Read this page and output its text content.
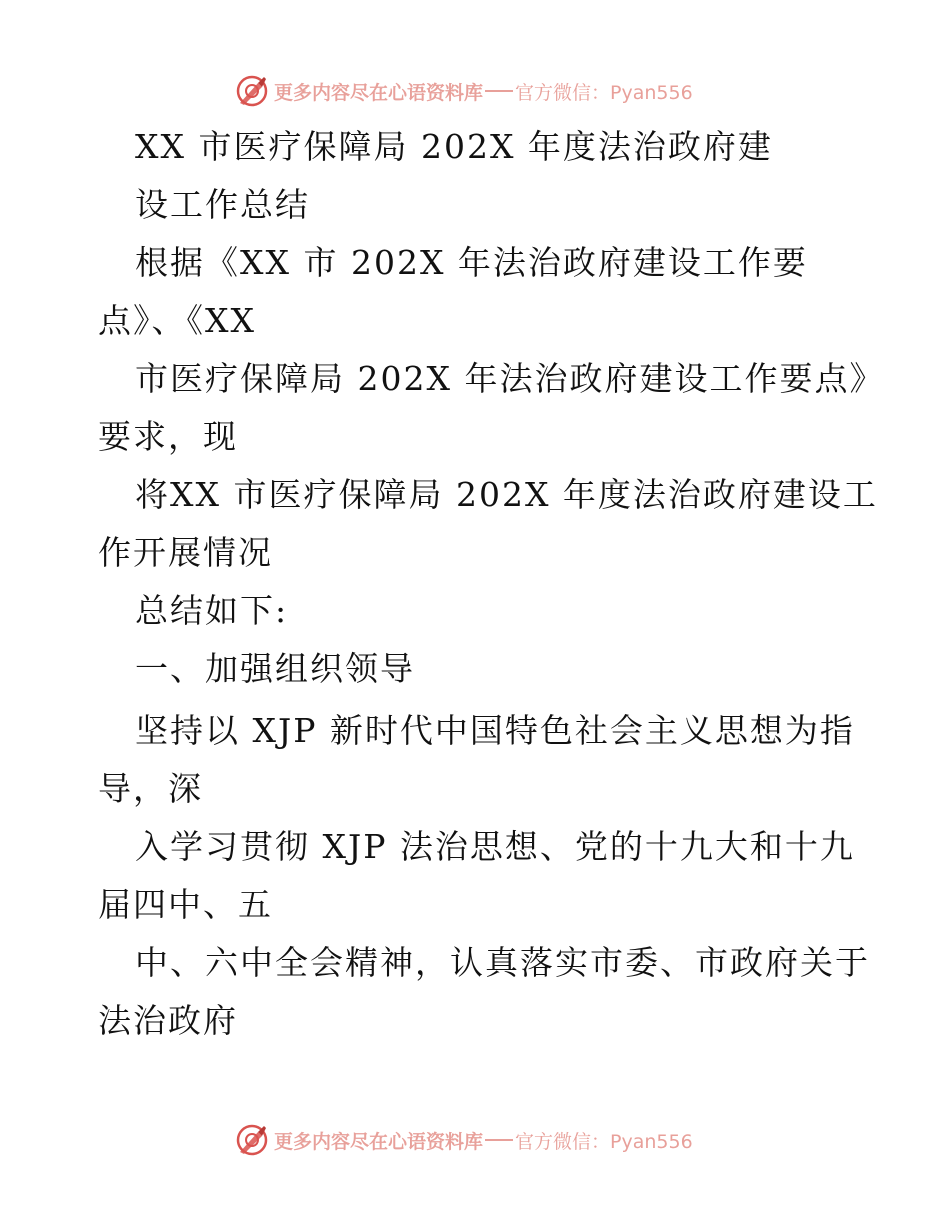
更多内容尽在心语资料库 官方微信：Pyan556
XX 市医疗保障局 202X 年度法治政府建
设工作总结
根据《XX 市 202X 年法治政府建设工作要
点》、《XX
市医疗保障局 202X 年法治政府建设工作要点》
要求，现
将XX 市医疗保障局 202X 年度法治政府建设工
作开展情况
总结如下:
一、加强组织领导
坚持以 XJP 新时代中国特色社会主义思想为指
导，深
入学习贯彻 XJP 法治思想、党的十九大和十九
届四中、五
中、六中全会精神，认真落实市委、市政府关于
法治政府
更多内容尽在心语资料库 官方微信：Pyan556
